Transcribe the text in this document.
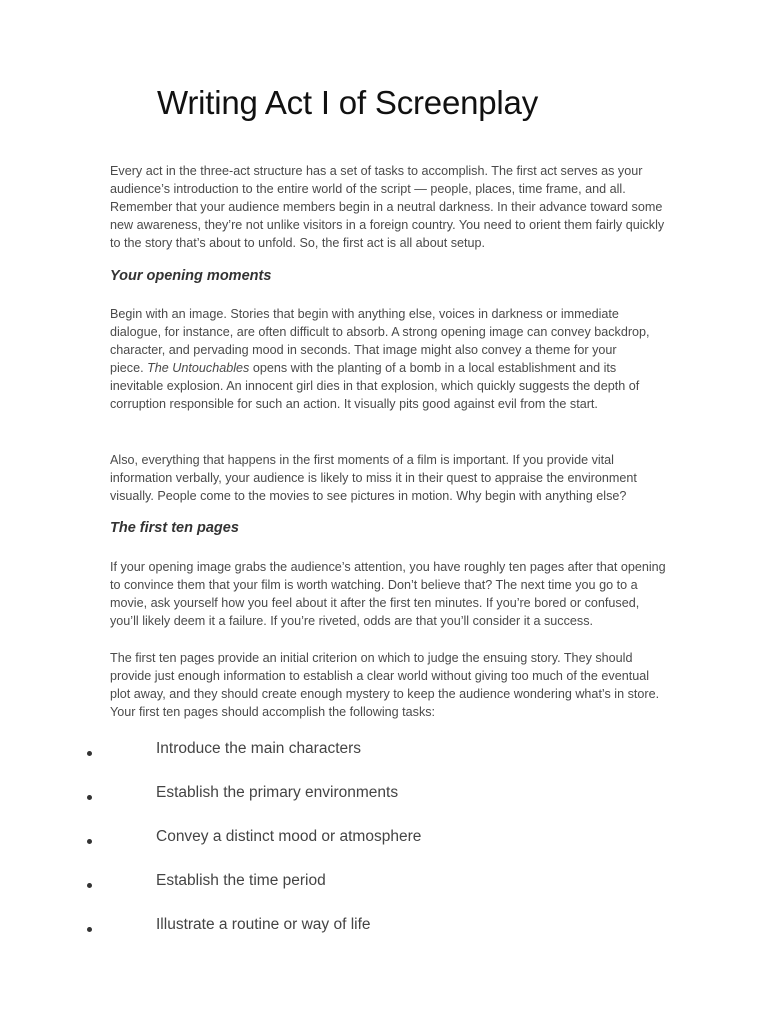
Writing Act I of Screenplay
Every act in the three-act structure has a set of tasks to accomplish. The first act serves as your
audience’s introduction to the entire world of the script — people, places, time frame, and all.
Remember that your audience members begin in a neutral darkness. In their advance toward some
new awareness, they’re not unlike visitors in a foreign country. You need to orient them fairly quickly
to the story that’s about to unfold. So, the first act is all about setup.
Your opening moments
Begin with an image. Stories that begin with anything else, voices in darkness or immediate
dialogue, for instance, are often difficult to absorb. A strong opening image can convey backdrop,
character, and pervading mood in seconds. That image might also convey a theme for your
piece. The Untouchables opens with the planting of a bomb in a local establishment and its
inevitable explosion. An innocent girl dies in that explosion, which quickly suggests the depth of
corruption responsible for such an action. It visually pits good against evil from the start.
Also, everything that happens in the first moments of a film is important. If you provide vital
information verbally, your audience is likely to miss it in their quest to appraise the environment
visually. People come to the movies to see pictures in motion. Why begin with anything else?
The first ten pages
If your opening image grabs the audience’s attention, you have roughly ten pages after that opening
to convince them that your film is worth watching. Don’t believe that? The next time you go to a
movie, ask yourself how you feel about it after the first ten minutes. If you’re bored or confused,
you’ll likely deem it a failure. If you’re riveted, odds are that you’ll consider it a success.
The first ten pages provide an initial criterion on which to judge the ensuing story. They should
provide just enough information to establish a clear world without giving too much of the eventual
plot away, and they should create enough mystery to keep the audience wondering what’s in store.
Your first ten pages should accomplish the following tasks:
Introduce the main characters
Establish the primary environments
Convey a distinct mood or atmosphere
Establish the time period
Illustrate a routine or way of life
